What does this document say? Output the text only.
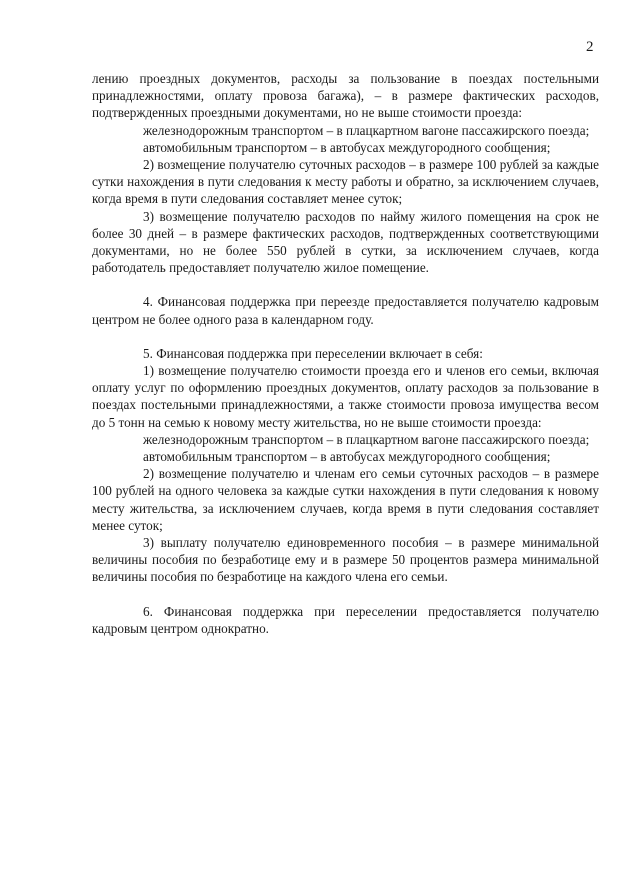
2

лению проездных документов, расходы за пользование в поездах постельными принадлежностями, оплату провоза багажа), – в размере фактических расходов, подтвержденных проездными документами, но не выше стоимости проезда:

железнодорожным транспортом – в плацкартном вагоне пассажирского поезда;

автомобильным транспортом – в автобусах междугородного сообщения;

2) возмещение получателю суточных расходов – в размере 100 рублей за каждые сутки нахождения в пути следования к месту работы и обратно, за исключением случаев, когда время в пути следования составляет менее суток;

3) возмещение получателю расходов по найму жилого помещения на срок не более 30 дней – в размере фактических расходов, подтвержденных соответствующими документами, но не более 550 рублей в сутки, за исключением случаев, когда работодатель предоставляет получателю жилое помещение.

4. Финансовая поддержка при переезде предоставляется получателю кадровым центром не более одного раза в календарном году.

5. Финансовая поддержка при переселении включает в себя:

1) возмещение получателю стоимости проезда его и членов его семьи, включая оплату услуг по оформлению проездных документов, оплату расходов за пользование в поездах постельными принадлежностями, а также стоимости провоза имущества весом до 5 тонн на семью к новому месту жительства, но не выше стоимости проезда:

железнодорожным транспортом – в плацкартном вагоне пассажирского поезда;

автомобильным транспортом – в автобусах междугородного сообщения;

2) возмещение получателю и членам его семьи суточных расходов – в размере 100 рублей на одного человека за каждые сутки нахождения в пути следования к новому месту жительства, за исключением случаев, когда время в пути следования составляет менее суток;

3) выплату получателю единовременного пособия – в размере минимальной величины пособия по безработице ему и в размере 50 процентов размера минимальной величины пособия по безработице на каждого члена его семьи.

6. Финансовая поддержка при переселении предоставляется получателю кадровым центром однократно.
